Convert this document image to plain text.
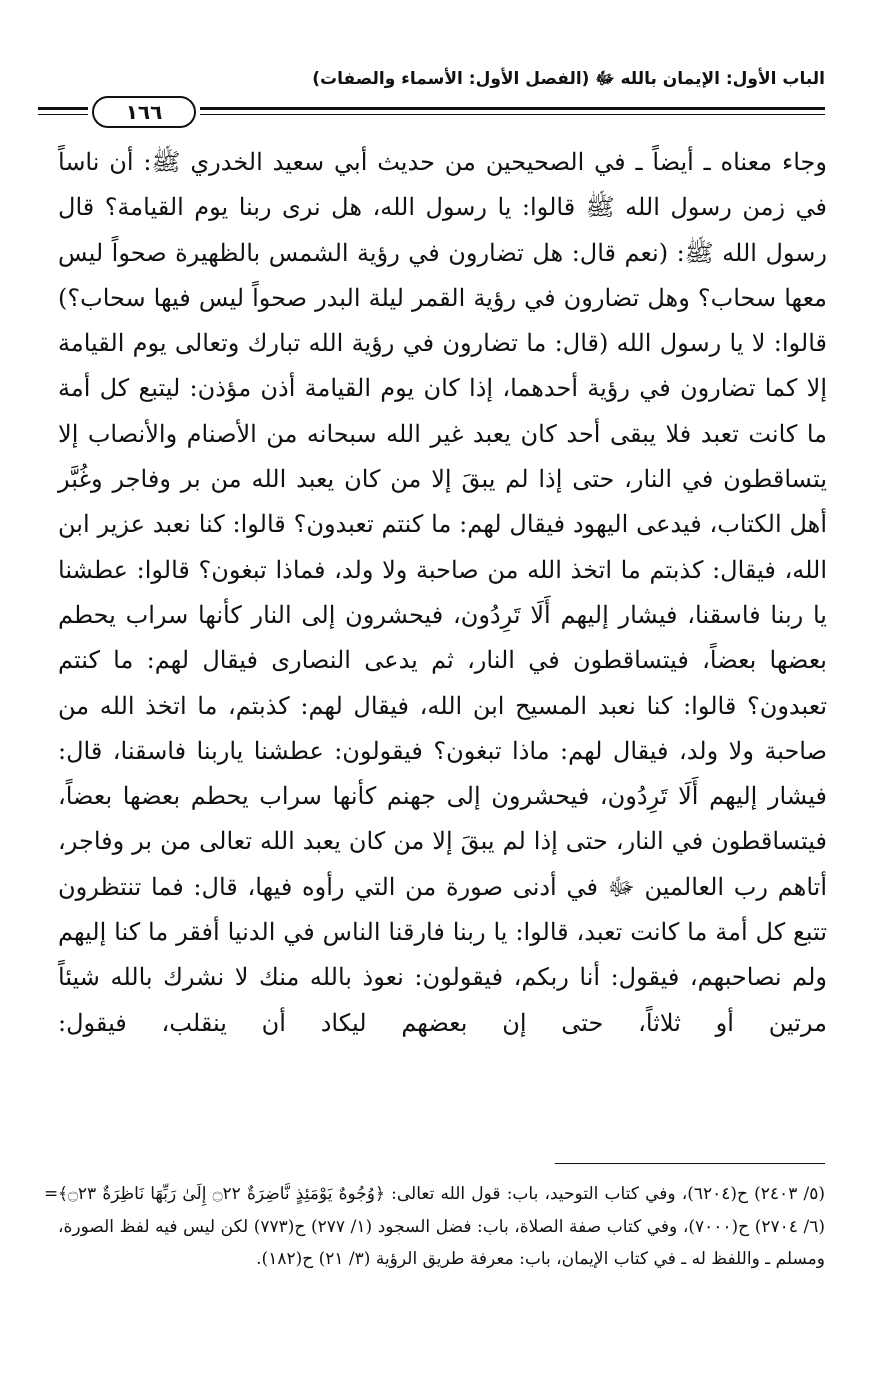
الباب الأول: الإيمان بالله ﷻ (الفصل الأول: الأسماء والصفات)
١٦٦

وجاء معناه ـ أيضاً ـ في الصحيحين من حديث أبي سعيد الخدري ﷺ: أن ناساً في زمن رسول الله ﷺ قالوا: يا رسول الله، هل نرى ربنا يوم القيامة؟ قال رسول الله ﷺ: (نعم قال: هل تضارون في رؤية الشمس بالظهيرة صحواً ليس معها سحاب؟ وهل تضارون في رؤية القمر ليلة البدر صحواً ليس فيها سحاب؟) قالوا: لا يا رسول الله (قال: ما تضارون في رؤية الله تبارك وتعالى يوم القيامة إلا كما تضارون في رؤية أحدهما، إذا كان يوم القيامة أذن مؤذن: ليتبع كل أمة ما كانت تعبد فلا يبقى أحد كان يعبد غير الله سبحانه من الأصنام والأنصاب إلا يتساقطون في النار، حتى إذا لم يبقَ إلا من كان يعبد الله من بر وفاجر وغُبَّر أهل الكتاب، فيدعى اليهود فيقال لهم: ما كنتم تعبدون؟ قالوا: كنا نعبد عزير ابن الله، فيقال: كذبتم ما اتخذ الله من صاحبة ولا ولد، فماذا تبغون؟ قالوا: عطشنا يا ربنا فاسقنا، فيشار إليهم أَلَا تَرِدُون، فيحشرون إلى النار كأنها سراب يحطم بعضها بعضاً، فيتساقطون في النار، ثم يدعى النصارى فيقال لهم: ما كنتم تعبدون؟ قالوا: كنا نعبد المسيح ابن الله، فيقال لهم: كذبتم، ما اتخذ الله من صاحبة ولا ولد، فيقال لهم: ماذا تبغون؟ فيقولون: عطشنا ياربنا فاسقنا، قال: فيشار إليهم أَلَا تَرِدُون، فيحشرون إلى جهنم كأنها سراب يحطم بعضها بعضاً، فيتساقطون في النار، حتى إذا لم يبقَ إلا من كان يعبد الله تعالى من بر وفاجر، أتاهم رب العالمين ﷻ في أدنى صورة من التي رأوه فيها، قال: فما تنتظرون تتبع كل أمة ما كانت تعبد، قالوا: يا ربنا فارقنا الناس في الدنيا أفقر ما كنا إليهم ولم نصاحبهم، فيقول: أنا ربكم، فيقولون: نعوذ بالله منك لا نشرك بالله شيئاً مرتين أو ثلاثاً، حتى إن بعضهم ليكاد أن ينقلب، فيقول:

= (٥/ ٢٤٠٣) ح(٦٢٠٤)، وفي كتاب التوحيد، باب: قول الله تعالى: ﴿وُجُوهٌ يَوْمَئِذٍ نَّاضِرَةٌ ۝٢٢ إِلَىٰ رَبِّهَا نَاظِرَةٌ ۝٢٣﴾ (٦/ ٢٧٠٤) ح(٧٠٠٠)، وفي كتاب صفة الصلاة، باب: فضل السجود (١/ ٢٧٧) ح(٧٧٣) لكن ليس فيه لفظ الصورة، ومسلم ـ واللفظ له ـ في كتاب الإيمان، باب: معرفة طريق الرؤية (٣/ ٢١) ح(١٨٢).
